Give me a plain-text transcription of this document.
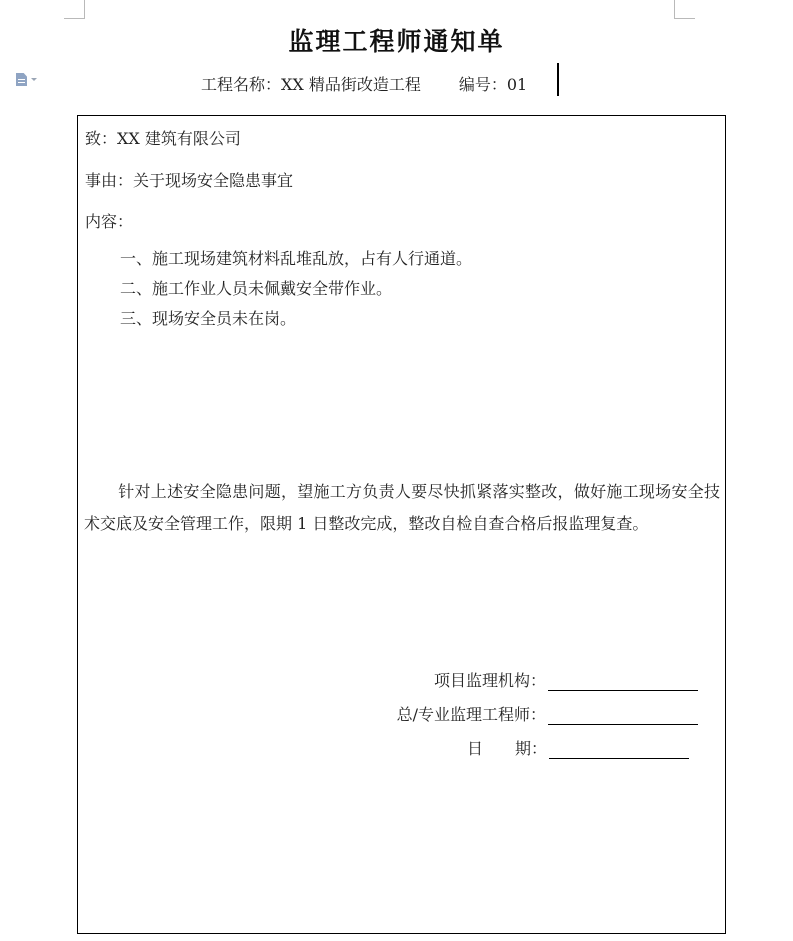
监理工程师通知单
工程名称：XX 精品街改造工程 编号：01
致：XX 建筑有限公司
事由：关于现场安全隐患事宜
内容：
一、施工现场建筑材料乱堆乱放，占有人行通道。
二、施工作业人员未佩戴安全带作业。
三、现场安全员未在岗。
针对上述安全隐患问题，望施工方负责人要尽快抓紧落实整改，做好施工现场安全技术交底及安全管理工作，限期 1 日整改完成，整改自检自查合格后报监理复查。
项目监理机构：
总/专业监理工程师：
日　　期：
